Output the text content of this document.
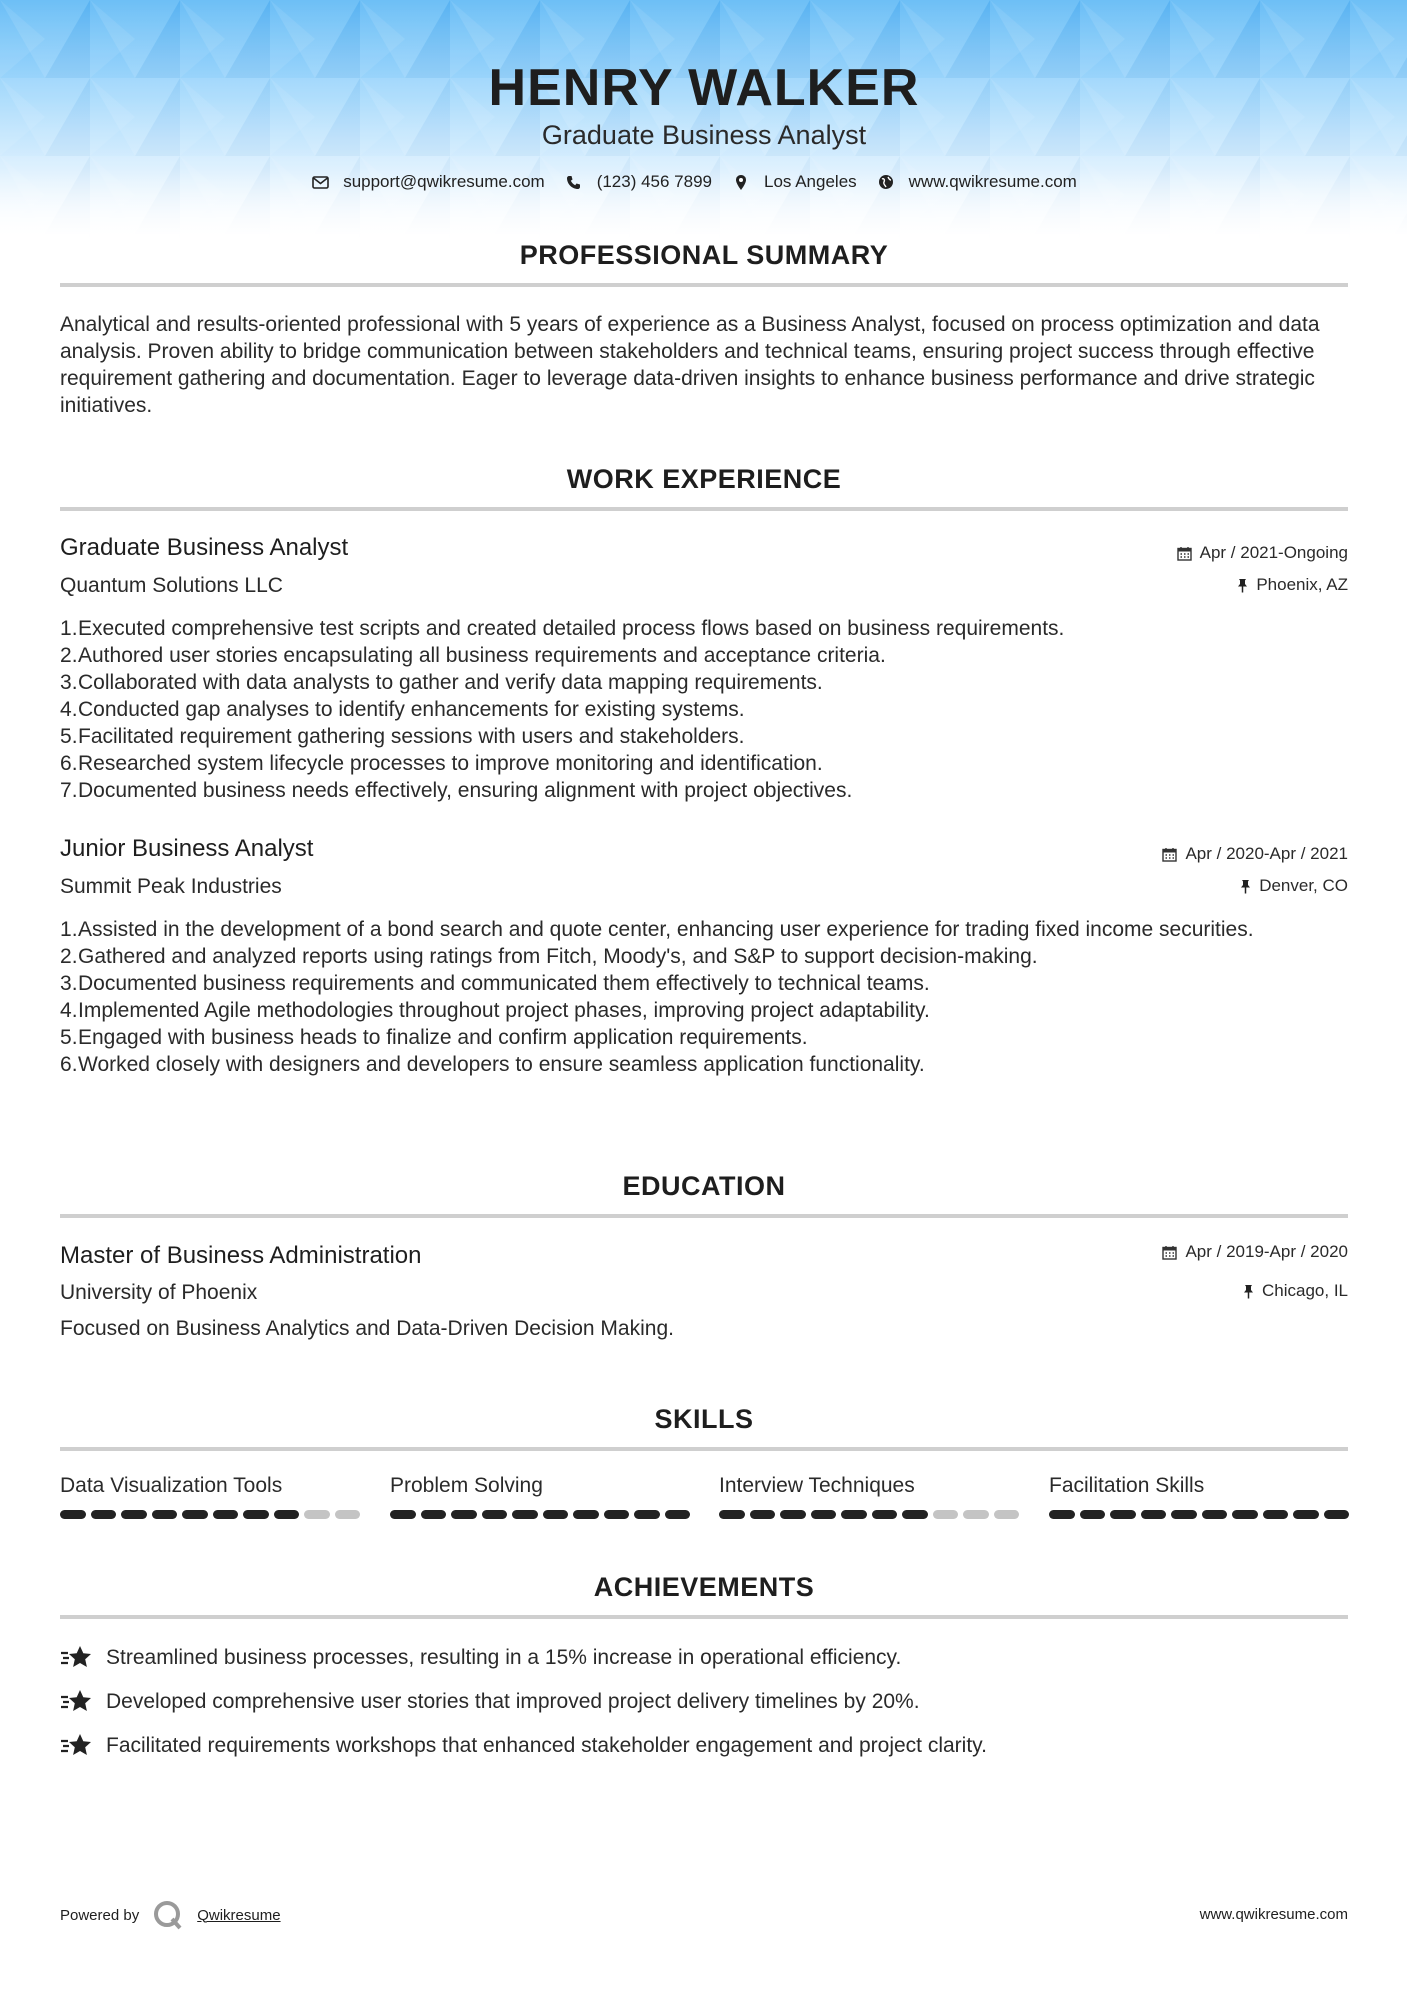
HENRY WALKER
Graduate Business Analyst
support@qwikresume.com	(123) 456 7899	Los Angeles	www.qwikresume.com
PROFESSIONAL SUMMARY
Analytical and results-oriented professional with 5 years of experience as a Business Analyst, focused on process optimization and data analysis. Proven ability to bridge communication between stakeholders and technical teams, ensuring project success through effective requirement gathering and documentation. Eager to leverage data-driven insights to enhance business performance and drive strategic initiatives.
WORK EXPERIENCE
Graduate Business Analyst	Apr / 2021-Ongoing
Quantum Solutions LLC	Phoenix, AZ
1 . Executed comprehensive test scripts and created detailed process flows based on business requirements.
2 . Authored user stories encapsulating all business requirements and acceptance criteria.
3 . Collaborated with data analysts to gather and verify data mapping requirements.
4 . Conducted gap analyses to identify enhancements for existing systems.
5 . Facilitated requirement gathering sessions with users and stakeholders.
6 . Researched system lifecycle processes to improve monitoring and identification.
7 . Documented business needs effectively, ensuring alignment with project objectives.
Junior Business Analyst	Apr / 2020-Apr / 2021
Summit Peak Industries	Denver, CO
1 . Assisted in the development of a bond search and quote center, enhancing user experience for trading fixed income securities.
2 . Gathered and analyzed reports using ratings from Fitch, Moody's, and S&P to support decision-making.
3 . Documented business requirements and communicated them effectively to technical teams.
4 . Implemented Agile methodologies throughout project phases, improving project adaptability.
5 . Engaged with business heads to finalize and confirm application requirements.
6 . Worked closely with designers and developers to ensure seamless application functionality.
EDUCATION
Master of Business Administration	Apr / 2019-Apr / 2020
University of Phoenix	Chicago, IL
Focused on Business Analytics and Data-Driven Decision Making.
SKILLS
Data Visualization Tools	Problem Solving	Interview Techniques	Facilitation Skills
ACHIEVEMENTS
Streamlined business processes, resulting in a 15% increase in operational efficiency.
Developed comprehensive user stories that improved project delivery timelines by 20%.
Facilitated requirements workshops that enhanced stakeholder engagement and project clarity.
Powered by	Qwikresume	www.qwikresume.com
